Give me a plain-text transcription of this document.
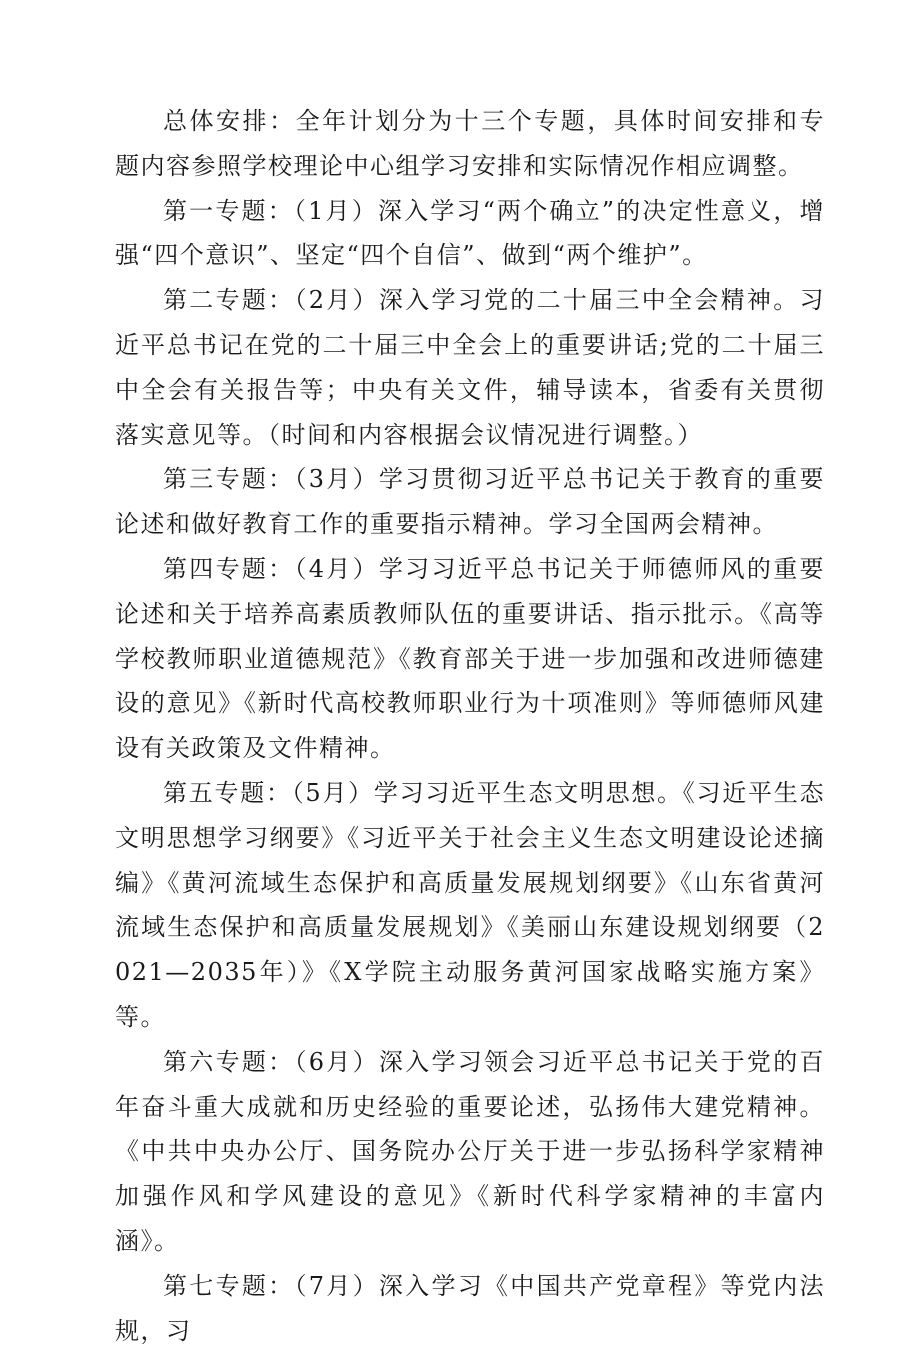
总体安排：全年计划分为十三个专题，具体时间安排和专题内容参照学校理论中心组学习安排和实际情况作相应调整。

第一专题：（1月）深入学习“两个确立”的决定性意义，增强“四个意识”、坚定“四个自信”、做到“两个维护”。

第二专题：（2月）深入学习党的二十届三中全会精神。习近平总书记在党的二十届三中全会上的重要讲话;党的二十届三中全会有关报告等；中央有关文件，辅导读本，省委有关贯彻落实意见等。（时间和内容根据会议情况进行调整。）

第三专题：（3月）学习贯彻习近平总书记关于教育的重要论述和做好教育工作的重要指示精神。学习全国两会精神。

第四专题：（4月）学习习近平总书记关于师德师风的重要论述和关于培养高素质教师队伍的重要讲话、指示批示。《高等学校教师职业道德规范》《教育部关于进一步加强和改进师德建设的意见》《新时代高校教师职业行为十项准则》等师德师风建设有关政策及文件精神。

第五专题：（5月）学习习近平生态文明思想。《习近平生态文明思想学习纲要》《习近平关于社会主义生态文明建设论述摘编》《黄河流域生态保护和高质量发展规划纲要》《山东省黄河流域生态保护和高质量发展规划》《美丽山东建设规划纲要（2021—2035年）》《X学院主动服务黄河国家战略实施方案》等。

第六专题：（6月）深入学习领会习近平总书记关于党的百年奋斗重大成就和历史经验的重要论述，弘扬伟大建党精神。《中共中央办公厅、国务院办公厅关于进一步弘扬科学家精神加强作风和学风建设的意见》《新时代科学家精神的丰富内涵》。

第七专题：（7月）深入学习《中国共产党章程》等党内法规，习
